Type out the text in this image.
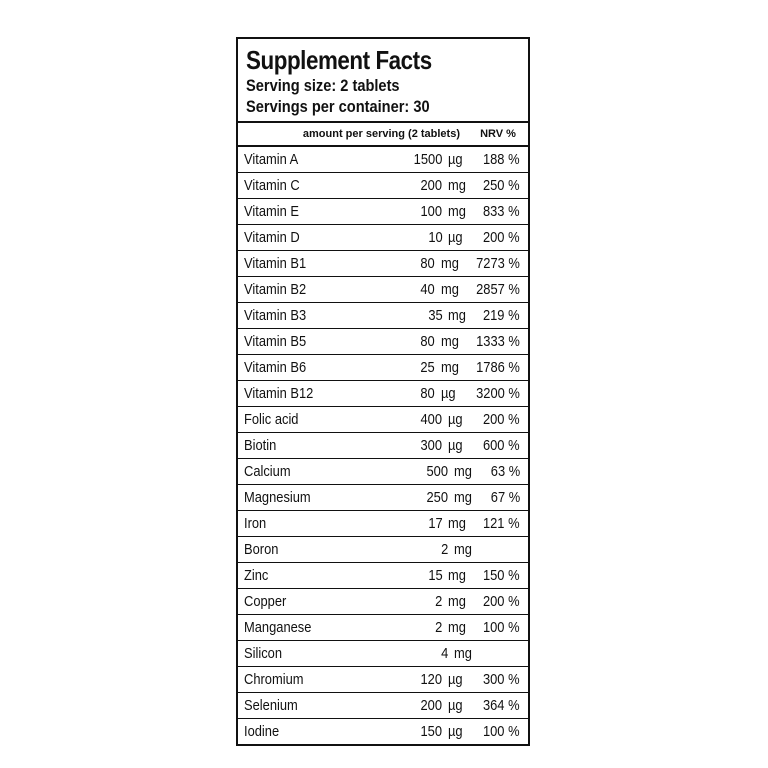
Supplement Facts
Serving size: 2 tablets
Servings per container: 30
amount per serving (2 tablets)	NRV %
Vitamin A	1500 µg	188 %
Vitamin C	200 mg	250 %
Vitamin E	100 mg	833 %
Vitamin D	10 µg	200 %
Vitamin B1	80 mg	7273 %
Vitamin B2	40 mg	2857 %
Vitamin B3	35 mg	219 %
Vitamin B5	80 mg	1333 %
Vitamin B6	25 mg	1786 %
Vitamin B12	80 µg	3200 %
Folic acid	400 µg	200 %
Biotin	300 µg	600 %
Calcium	500 mg	63 %
Magnesium	250 mg	67 %
Iron	17 mg	121 %
Boron	2 mg
Zinc	15 mg	150 %
Copper	2 mg	200 %
Manganese	2 mg	100 %
Silicon	4 mg
Chromium	120 µg	300 %
Selenium	200 µg	364 %
Iodine	150 µg	100 %
